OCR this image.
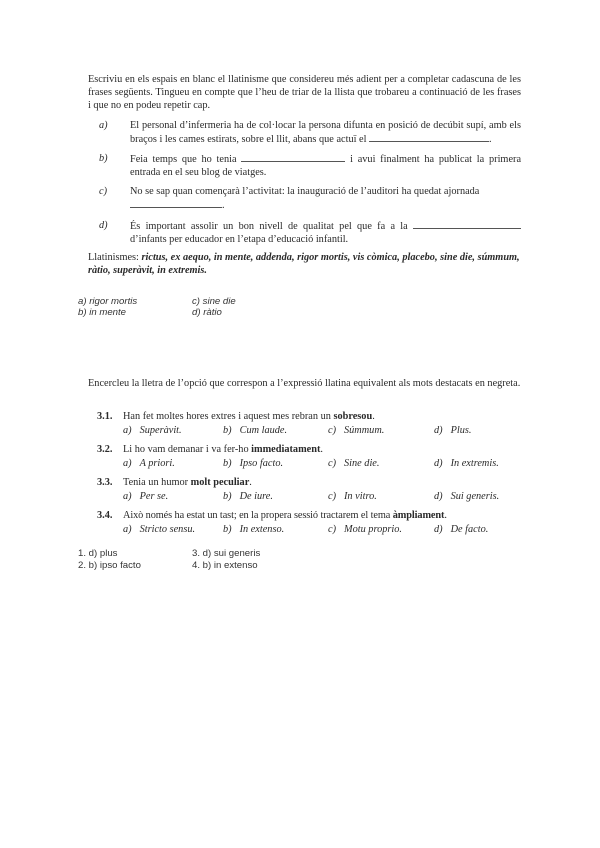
Escriviu en els espais en blanc el llatinisme que considereu més adient per a completar cadascuna de les frases següents. Tingueu en compte que l’heu de triar de la llista que trobareu a continuació de les frases i que no en podeu repetir cap.
a) El personal d’infermeria ha de col·locar la persona difunta en posició de decúbit supí, amb els braços i les cames estirats, sobre el llit, abans que actuï el	.
b) Feia temps que ho tenia	i avui finalment ha publicat la primera entrada en el seu blog de viatges.
c) No se sap quan començarà l’activitat: la inauguració de l’auditori ha quedat ajornada
.
d) És important assolir un bon nivell de qualitat pel que fa a la  d’infants per educador en l’etapa d’educació infantil.
Llatinismes: rictus, ex aequo, in mente, addenda, rigor mortis, vis còmica, placebo, sine die, súmmum, ràtio, superàvit, in extremis.
a) rigor mortis	c) sine die
b) in mente	d) ràtio
Encercleu la lletra de l’opció que correspon a l’expressió llatina equivalent als mots destacats en negreta.
3.1. Han fet moltes hores extres i aquest mes rebran un sobresou.
a) Superàvit.	b) Cum laude.	c) Súmmum.	d) Plus.
3.2. Li ho vam demanar i va fer-ho immediatament.
a) A priori.	b) Ipso facto.	c) Sine die.	d) In extremis.
3.3. Tenia un humor molt peculiar.
a) Per se.	b) De iure.	c) In vitro.	d) Sui generis.
3.4. Això només ha estat un tast; en la propera sessió tractarem el tema àmpliament.
a) Stricto sensu.	b) In extenso.	c) Motu proprio.	d) De facto.
1. d) plus	3. d) sui generis
2. b) ipso facto	4. b) in extenso
